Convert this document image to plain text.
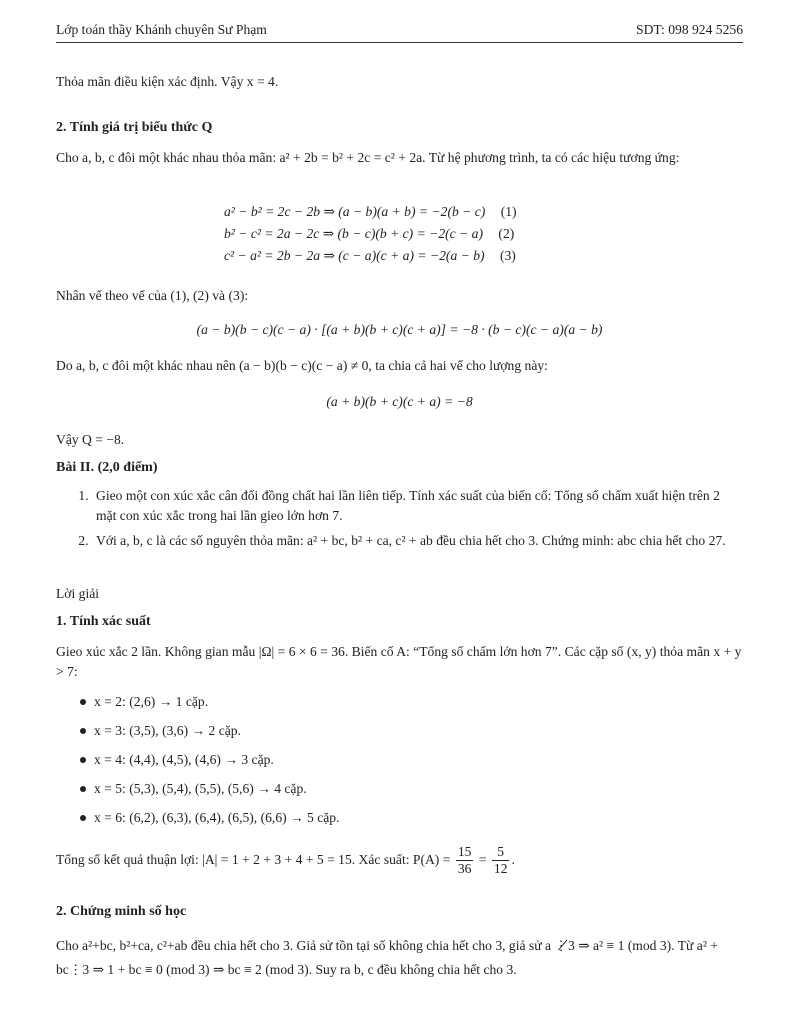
Lớp toán thầy Khánh chuyên Sư Phạm	SDT: 098 924 5256

Thỏa mãn điều kiện xác định. Vậy x = 4.

2. Tính giá trị biểu thức Q

Cho a, b, c đôi một khác nhau thỏa mãn: a² + 2b = b² + 2c = c² + 2a. Từ hệ phương trình, ta có các hiệu tương ứng:

a² − b² = 2c − 2b ⇒ (a − b)(a + b) = −2(b − c) (1)
b² − c² = 2a − 2c ⇒ (b − c)(b + c) = −2(c − a) (2)
c² − a² = 2b − 2a ⇒ (c − a)(c + a) = −2(a − b) (3)

Nhân vế theo vế của (1), (2) và (3):

(a − b)(b − c)(c − a) · [(a + b)(b + c)(c + a)] = −8 · (b − c)(c − a)(a − b)

Do a, b, c đôi một khác nhau nên (a − b)(b − c)(c − a) ≠ 0, ta chia cả hai vế cho lượng này:

(a + b)(b + c)(c + a) = −8

Vậy Q = −8.

Bài II. (2,0 điểm)

1. Gieo một con xúc xắc cân đối đồng chất hai lần liên tiếp. Tính xác suất của biến cố: Tổng số chấm xuất hiện trên 2 mặt con xúc xắc trong hai lần gieo lớn hơn 7.
2. Với a, b, c là các số nguyên thỏa mãn: a² + bc, b² + ca, c² + ab đều chia hết cho 3. Chứng minh: abc chia hết cho 27.

Lời giải

1. Tính xác suất

Gieo xúc xắc 2 lần. Không gian mẫu |Ω| = 6 × 6 = 36. Biến cố A: “Tổng số chấm lớn hơn 7”. Các cặp số (x, y) thỏa mãn x + y > 7:

x = 2: (2,6) → 1 cặp.
x = 3: (3,5), (3,6) → 2 cặp.
x = 4: (4,4), (4,5), (4,6) → 3 cặp.
x = 5: (5,3), (5,4), (5,5), (5,6) → 4 cặp.
x = 6: (6,2), (6,3), (6,4), (6,5), (6,6) → 5 cặp.

Tổng số kết quả thuận lợi: |A| = 1 + 2 + 3 + 4 + 5 = 15. Xác suất: $P(A) = \frac{15}{36} = \frac{5}{12}$ .

2. Chứng minh số học

Cho a²+bc, b²+ca, c²+ab đều chia hết cho 3. Giả sử tồn tại số không chia hết cho 3, giả sử a ⋮̸3 ⇒ a² ≡ 1 (mod 3). Từ a² + bc⋮3 ⇒ 1 + bc ≡ 0 (mod 3) ⇒ bc ≡ 2 (mod 3). Suy ra b, c đều không chia hết cho 3.
